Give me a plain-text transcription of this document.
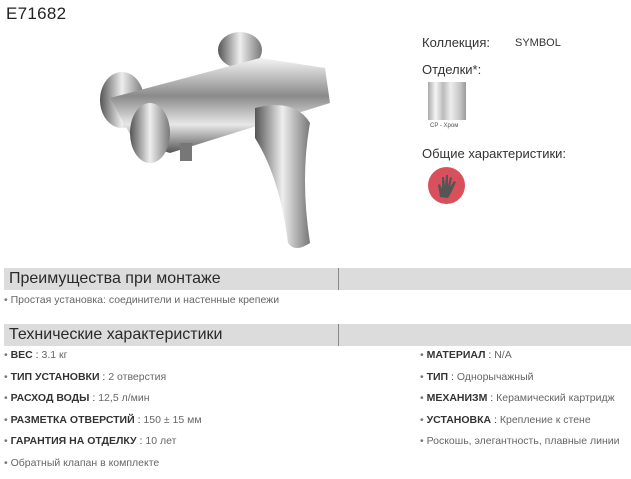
E71682
Коллекция: SYMBOL
Отделки*:
CP - Хром
Общие характеристики:
Преимущества при монтаже
• Простая установка: соединители и настенные крепежи
Технические характеристики
• ВЕС : 3.1 кг
• ТИП УСТАНОВКИ : 2 отверстия
• РАСХОД ВОДЫ : 12,5 л/мин
• РАЗМЕТКА ОТВЕРСТИЙ : 150 ± 15 мм
• ГАРАНТИЯ НА ОТДЕЛКУ : 10 лет
• Обратный клапан в комплекте
• МАТЕРИАЛ : N/A
• ТИП : Однорычажный
• МЕХАНИЗМ : Керамический картридж
• УСТАНОВКА : Крепление к стене
• Роскошь, элегантность, плавные линии
